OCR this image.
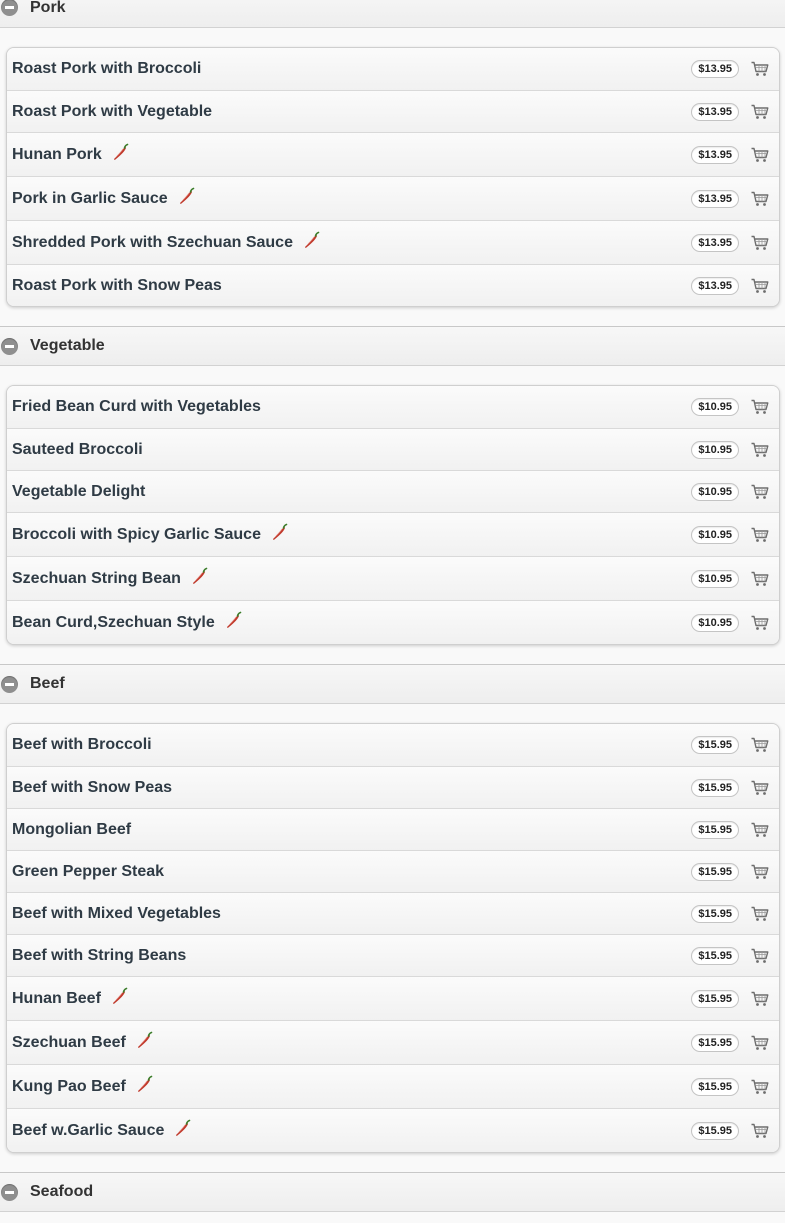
Pork
Roast Pork with Broccoli	$13.95
Roast Pork with Vegetable	$13.95
Hunan Pork	$13.95
Pork in Garlic Sauce	$13.95
Shredded Pork with Szechuan Sauce	$13.95
Roast Pork with Snow Peas	$13.95
Vegetable
Fried Bean Curd with Vegetables	$10.95
Sauteed Broccoli	$10.95
Vegetable Delight	$10.95
Broccoli with Spicy Garlic Sauce	$10.95
Szechuan String Bean	$10.95
Bean Curd,Szechuan Style	$10.95
Beef
Beef with Broccoli	$15.95
Beef with Snow Peas	$15.95
Mongolian Beef	$15.95
Green Pepper Steak	$15.95
Beef with Mixed Vegetables	$15.95
Beef with String Beans	$15.95
Hunan Beef	$15.95
Szechuan Beef	$15.95
Kung Pao Beef	$15.95
Beef w.Garlic Sauce	$15.95
Seafood
